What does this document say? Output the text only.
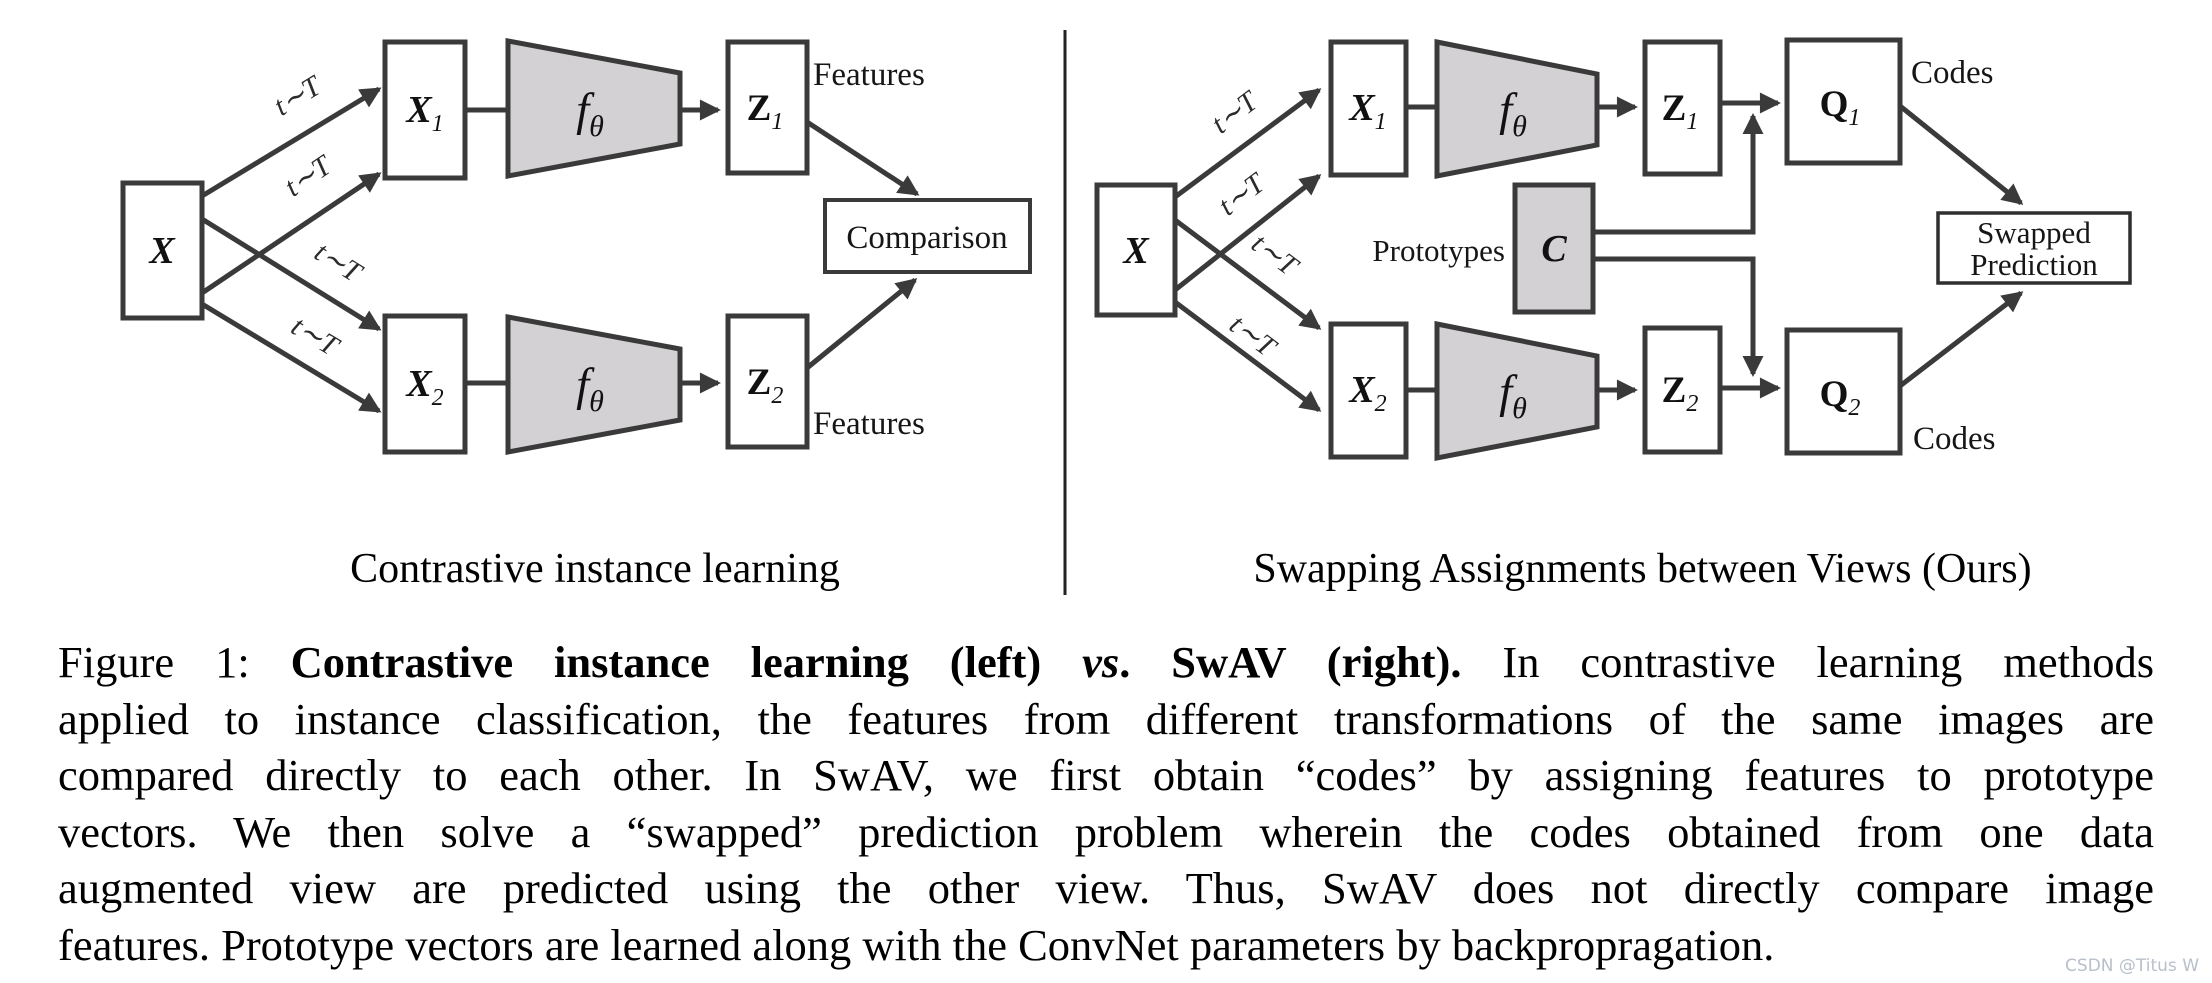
t∼T
t∼T
t∼T
t∼T
X
$X_1$	$f_\theta$	$Z_1$
Features
$X_2$	$f_\theta$	$Z_2$
Features
Comparison
t∼T
t∼T
t∼T
t∼T
X
$X_1$ $f_\theta$	$Z_1$	$Q_1$
Codes
Prototypes C
$X_2$ $f_\theta$	$Z_2$	$Q_2$
Codes
Swapped
Prediction
Contrastive instance learning	Swapping Assignments between Views (Ours)
Figure 1: Contrastive instance learning (left) vs. SwAV (right). In contrastive learning methods
applied to instance classification, the features from different transformations of the same images are
compared directly to each other. In SwAV, we first obtain “codes” by assigning features to prototype
vectors. We then solve a “swapped” prediction problem wherein the codes obtained from one data
augmented view are predicted using the other view. Thus, SwAV does not directly compare image
features. Prototype vectors are learned along with the ConvNet parameters by backpropragation.	CSDN @Titus W
